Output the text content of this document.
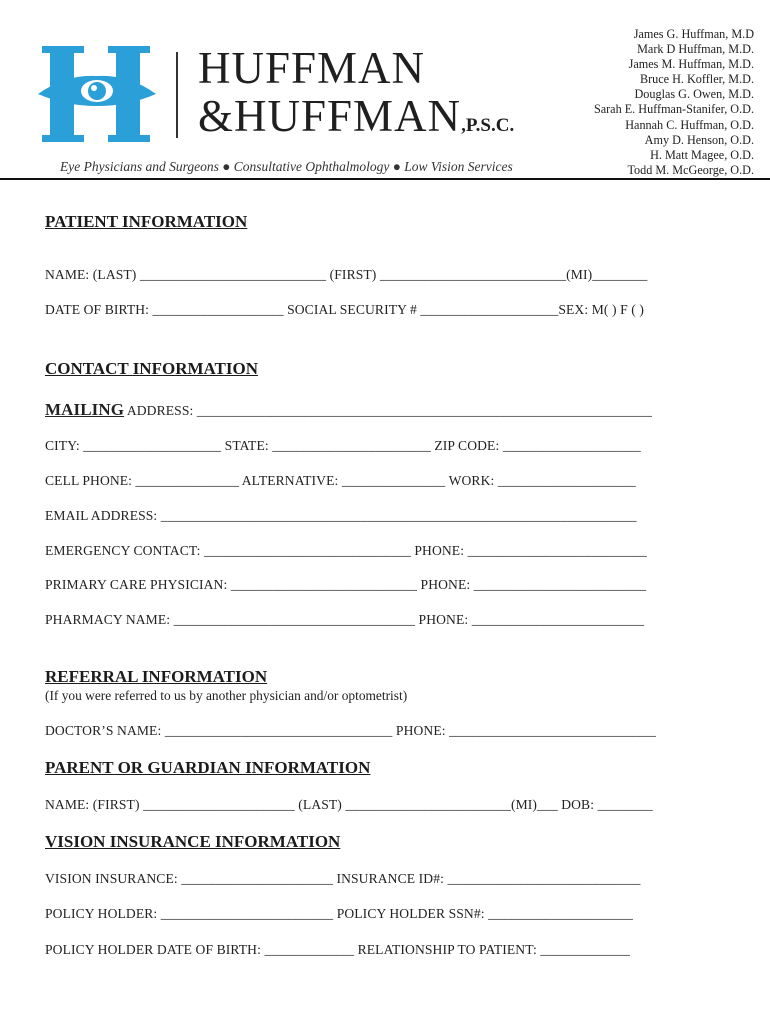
HUFFMAN
&HUFFMAN,P.S.C.
Eye Physicians and Surgeons ● Consultative Ophthalmology ● Low Vision Services
James G. Huffman, M.D
Mark D Huffman, M.D.
James M. Huffman, M.D.
Bruce H. Koffler, M.D.
Douglas G. Owen, M.D.
Sarah E. Huffman-Stanifer, O.D.
Hannah C. Huffman, O.D.
Amy D. Henson, O.D.
H. Matt Magee, O.D.
Todd M. McGeorge, O.D.
PATIENT INFORMATION
NAME: (LAST) ___________________________ (FIRST) ___________________________(MI)________
DATE OF BIRTH: ___________________ SOCIAL SECURITY # ____________________SEX: M( ) F ( )
CONTACT INFORMATION
MAILING ADDRESS: __________________________________________________________________
CITY: ____________________ STATE: _______________________ ZIP CODE: ____________________
CELL PHONE: _______________ ALTERNATIVE: _______________ WORK: ____________________
EMAIL ADDRESS: _____________________________________________________________________
EMERGENCY CONTACT: ______________________________ PHONE: __________________________
PRIMARY CARE PHYSICIAN: ___________________________ PHONE: _________________________
PHARMACY NAME: ___________________________________ PHONE: _________________________
REFERRAL INFORMATION
(If you were referred to us by another physician and/or optometrist)
DOCTOR’S NAME: _________________________________ PHONE: ______________________________
PARENT OR GUARDIAN INFORMATION
NAME: (FIRST) ______________________ (LAST) ________________________(MI)___ DOB: ________
VISION INSURANCE INFORMATION
VISION INSURANCE: ______________________ INSURANCE ID#: ____________________________
POLICY HOLDER: _________________________ POLICY HOLDER SSN#: _____________________
POLICY HOLDER DATE OF BIRTH: _____________ RELATIONSHIP TO PATIENT: _____________
